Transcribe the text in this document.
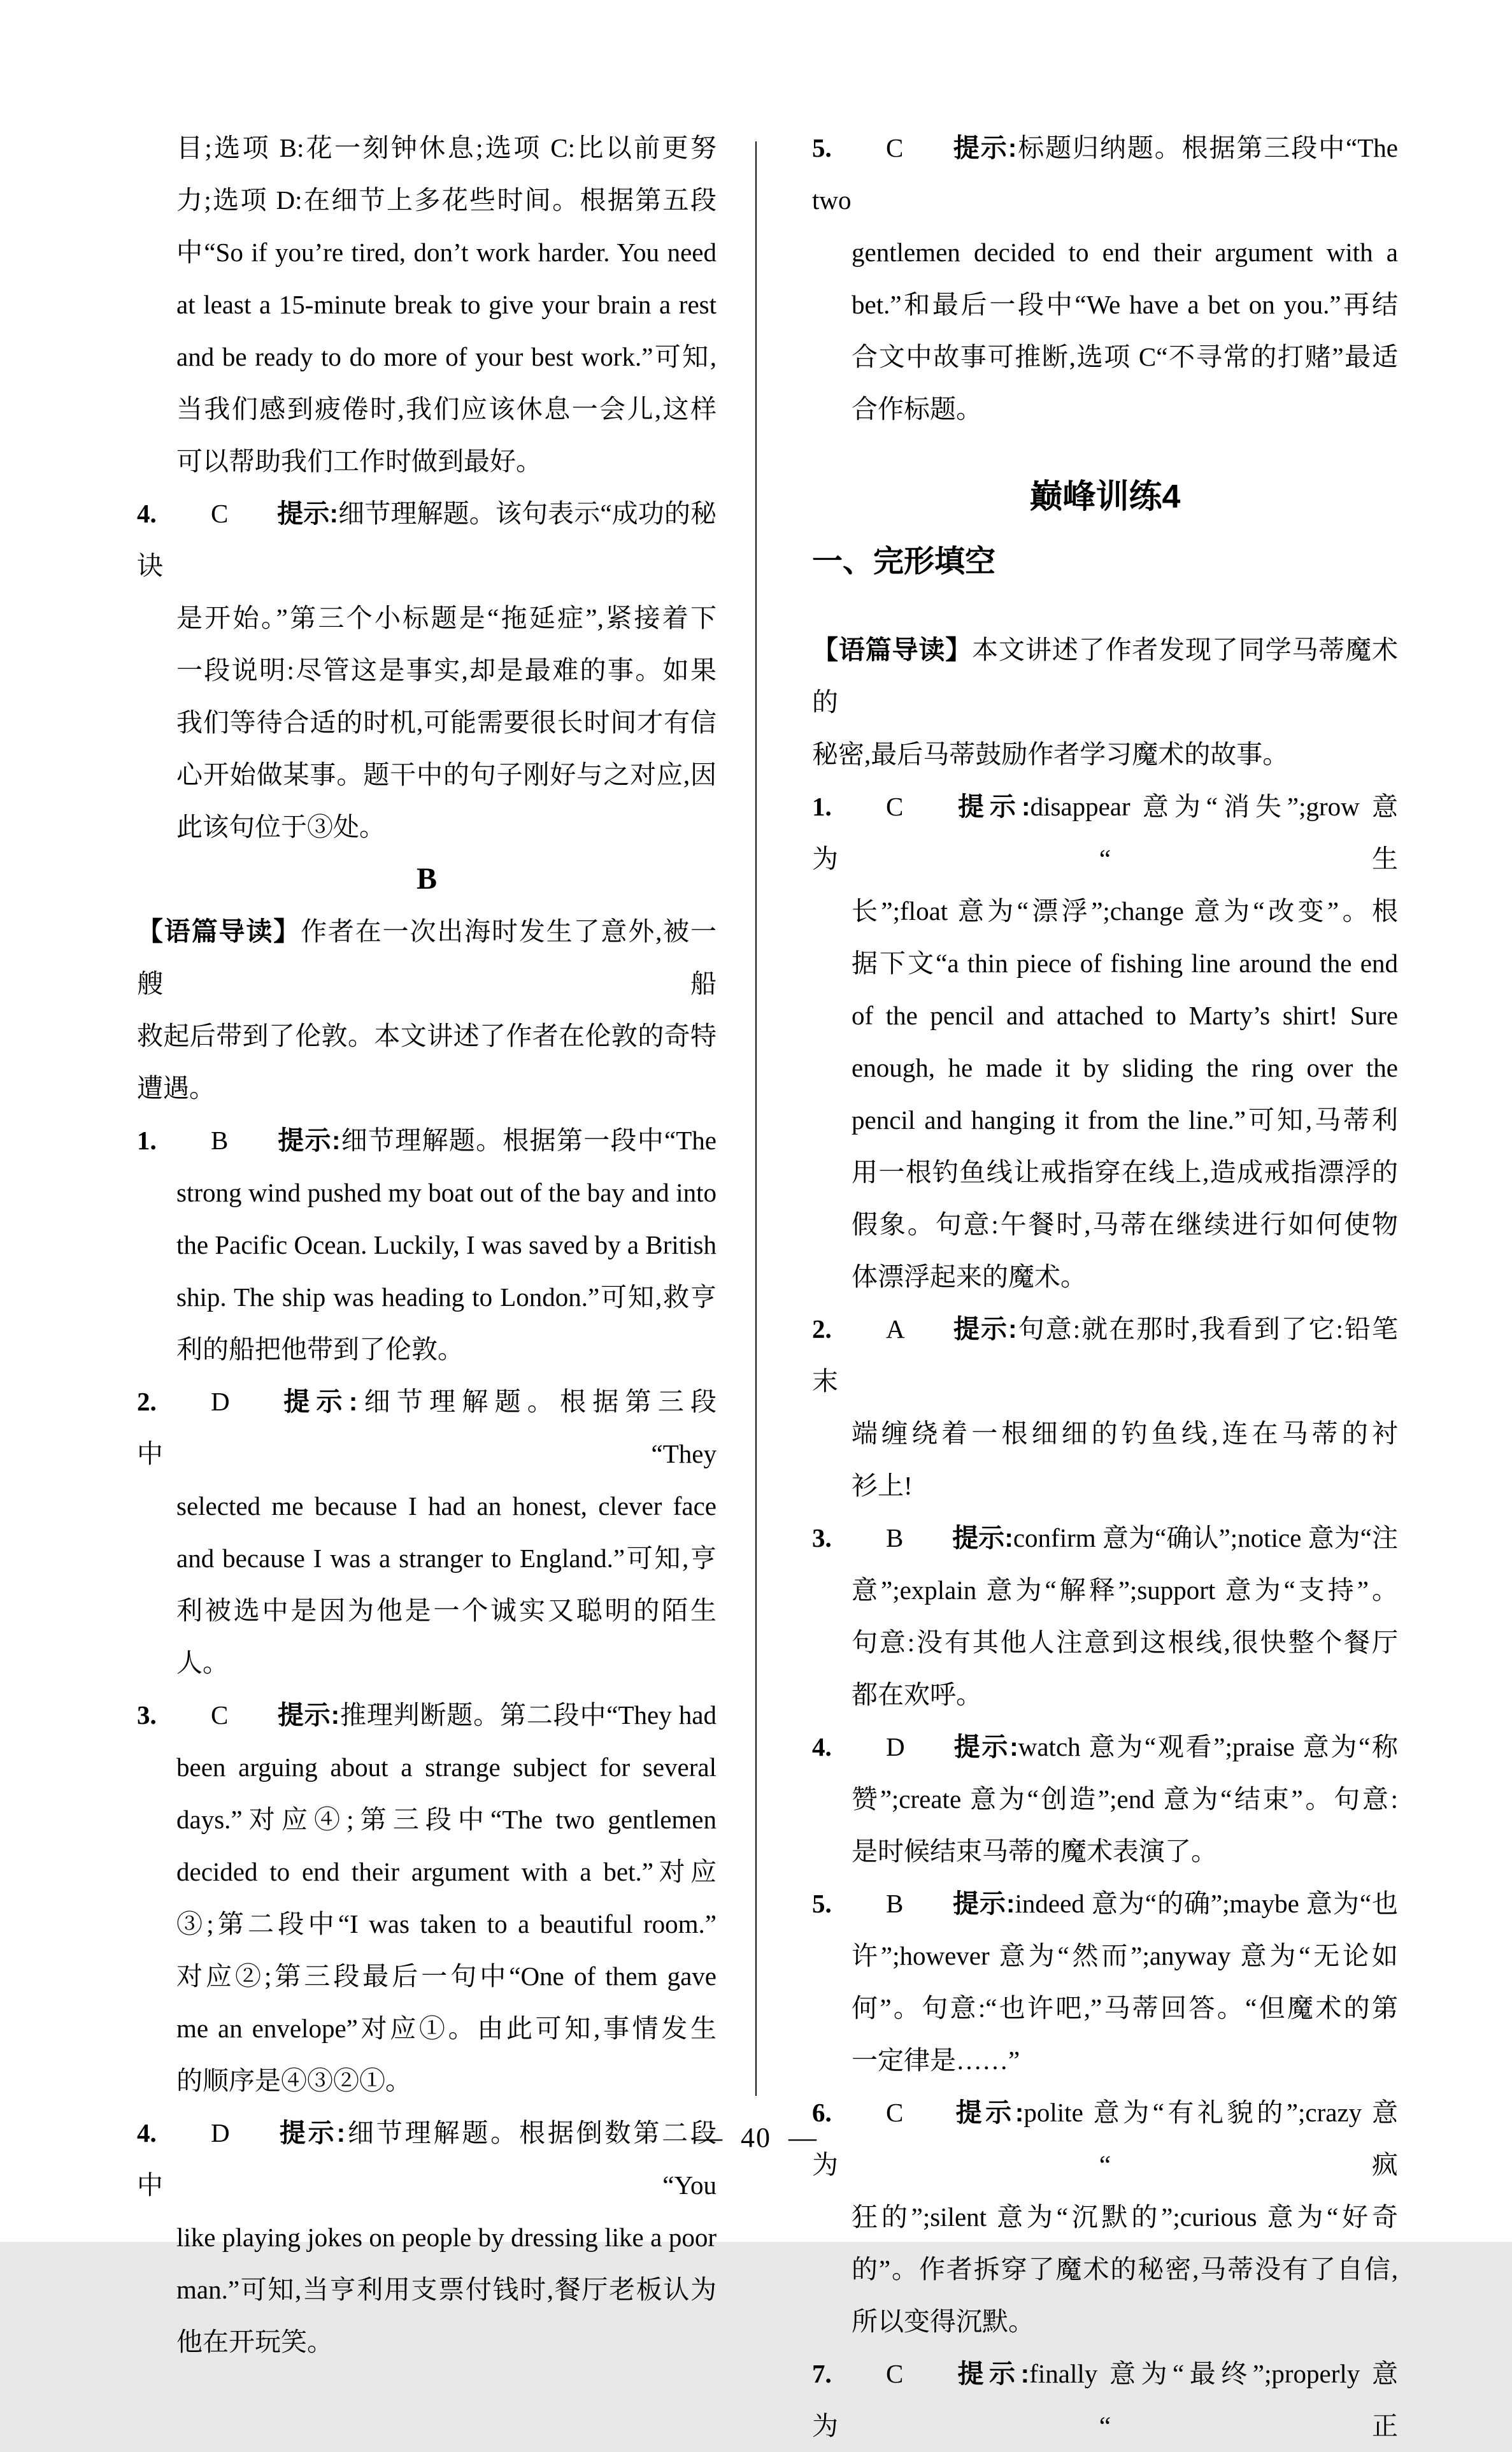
目;选项 B:花一刻钟休息;选项 C:比以前更努
力;选项 D:在细节上多花些时间。根据第五段
中“So if you’re tired, don’t work harder. You need
at least a 15-minute break to give your brain a rest
and be ready to do more of your best work.”可知,
当我们感到疲倦时,我们应该休息一会儿,这样
可以帮助我们工作时做到最好。
4. C 提示:细节理解题。该句表示“成功的秘诀
是开始。”第三个小标题是“拖延症”,紧接着下
一段说明:尽管这是事实,却是最难的事。如果
我们等待合适的时机,可能需要很长时间才有信
心开始做某事。题干中的句子刚好与之对应,因
此该句位于③处。
B
【语篇导读】作者在一次出海时发生了意外,被一艘船
救起后带到了伦敦。本文讲述了作者在伦敦的奇特
遭遇。
1. B 提示:细节理解题。根据第一段中“The
strong wind pushed my boat out of the bay and into
the Pacific Ocean. Luckily, I was saved by a British
ship. The ship was heading to London.”可知,救亨
利的船把他带到了伦敦。
2. D 提示:细节理解题。根据第三段中“They
selected me because I had an honest, clever face
and because I was a stranger to England.”可知,亨
利被选中是因为他是一个诚实又聪明的陌生人。
3. C 提示:推理判断题。第二段中“They had
been arguing about a strange subject for several
days.”对应④;第三段中“The two gentlemen
decided to end their argument with a bet.”对应
③;第二段中“I was taken to a beautiful room.”
对应②;第三段最后一句中“One of them gave
me an envelope”对应①。由此可知,事情发生
的顺序是④③②①。
4. D 提示:细节理解题。根据倒数第二段中“You
like playing jokes on people by dressing like a poor
man.”可知,当亨利用支票付钱时,餐厅老板认为
他在开玩笑。
5. C 提示:标题归纳题。根据第三段中“The two
gentlemen decided to end their argument with a
bet.”和最后一段中“We have a bet on you.”再结
合文中故事可推断,选项 C“不寻常的打赌”最适
合作标题。
巅峰训练4
一、完形填空
【语篇导读】本文讲述了作者发现了同学马蒂魔术的
秘密,最后马蒂鼓励作者学习魔术的故事。
1. C 提示:disappear 意为“消失”;grow 意为“生
长”;float 意为“漂浮”;change 意为“改变”。根
据下文“a thin piece of fishing line around the end
of the pencil and attached to Marty’s shirt! Sure
enough, he made it by sliding the ring over the
pencil and hanging it from the line.”可知,马蒂利
用一根钓鱼线让戒指穿在线上,造成戒指漂浮的
假象。句意:午餐时,马蒂在继续进行如何使物
体漂浮起来的魔术。
2. A 提示:句意:就在那时,我看到了它:铅笔末
端缠绕着一根细细的钓鱼线,连在马蒂的衬
衫上!
3. B 提示:confirm 意为“确认”;notice 意为“注
意”;explain 意为“解释”;support 意为“支持”。
句意:没有其他人注意到这根线,很快整个餐厅
都在欢呼。
4. D 提示:watch 意为“观看”;praise 意为“称
赞”;create 意为“创造”;end 意为“结束”。句意:
是时候结束马蒂的魔术表演了。
5. B 提示:indeed 意为“的确”;maybe 意为“也
许”;however 意为“然而”;anyway 意为“无论如
何”。句意:“也许吧,”马蒂回答。“但魔术的第
一定律是……”
6. C 提示:polite 意为“有礼貌的”;crazy 意为“疯
狂的”;silent 意为“沉默的”;curious 意为“好奇
的”。作者拆穿了魔术的秘密,马蒂没有了自信,
所以变得沉默。
7. C 提示:finally 意为“最终”;properly 意为“正
— 40 —
